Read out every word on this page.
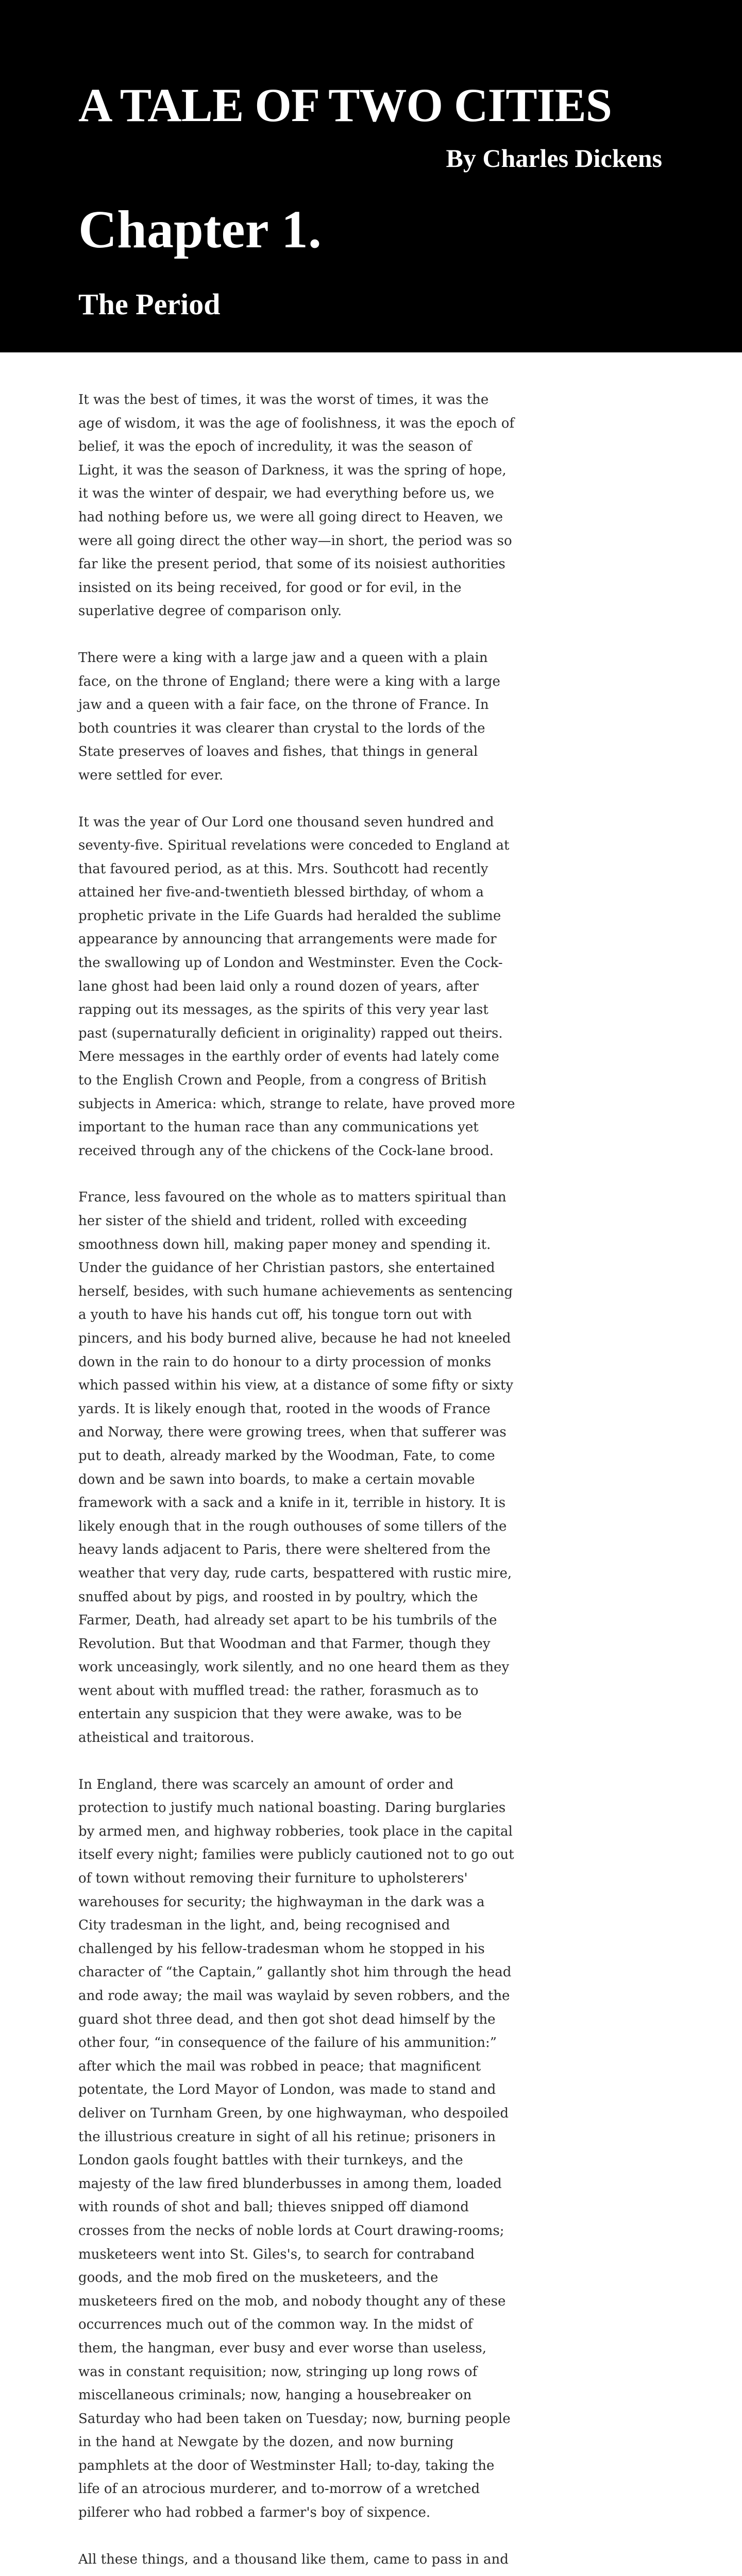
A TALE OF TWO CITIES
By Charles Dickens
Chapter 1.
The Period

It was the best of times, it was the worst of times, it was the age of wisdom, it was the age of foolishness, it was the epoch of belief, it was the epoch of incredulity, it was the season of Light, it was the season of Darkness, it was the spring of hope, it was the winter of despair, we had everything before us, we had nothing before us, we were all going direct to Heaven, we were all going direct the other way—in short, the period was so far like the present period, that some of its noisiest authorities insisted on its being received, for good or for evil, in the superlative degree of comparison only.

There were a king with a large jaw and a queen with a plain face, on the throne of England; there were a king with a large jaw and a queen with a fair face, on the throne of France. In both countries it was clearer than crystal to the lords of the State preserves of loaves and fishes, that things in general were settled for ever.

It was the year of Our Lord one thousand seven hundred and seventy-five. Spiritual revelations were conceded to England at that favoured period, as at this. Mrs. Southcott had recently attained her five-and-twentieth blessed birthday, of whom a prophetic private in the Life Guards had heralded the sublime appearance by announcing that arrangements were made for the swallowing up of London and Westminster. Even the Cock-lane ghost had been laid only a round dozen of years, after rapping out its messages, as the spirits of this very year last past (supernaturally deficient in originality) rapped out theirs. Mere messages in the earthly order of events had lately come to the English Crown and People, from a congress of British subjects in America: which, strange to relate, have proved more important to the human race than any communications yet received through any of the chickens of the Cock-lane brood.

France, less favoured on the whole as to matters spiritual than her sister of the shield and trident, rolled with exceeding smoothness down hill, making paper money and spending it. Under the guidance of her Christian pastors, she entertained herself, besides, with such humane achievements as sentencing a youth to have his hands cut off, his tongue torn out with pincers, and his body burned alive, because he had not kneeled down in the rain to do honour to a dirty procession of monks which passed within his view, at a distance of some fifty or sixty yards. It is likely enough that, rooted in the woods of France and Norway, there were growing trees, when that sufferer was put to death, already marked by the Woodman, Fate, to come down and be sawn into boards, to make a certain movable framework with a sack and a knife in it, terrible in history. It is likely enough that in the rough outhouses of some tillers of the heavy lands adjacent to Paris, there were sheltered from the weather that very day, rude carts, bespattered with rustic mire, snuffed about by pigs, and roosted in by poultry, which the Farmer, Death, had already set apart to be his tumbrils of the Revolution. But that Woodman and that Farmer, though they work unceasingly, work silently, and no one heard them as they went about with muffled tread: the rather, forasmuch as to entertain any suspicion that they were awake, was to be atheistical and traitorous.

In England, there was scarcely an amount of order and protection to justify much national boasting. Daring burglaries by armed men, and highway robberies, took place in the capital itself every night; families were publicly cautioned not to go out of town without removing their furniture to upholsterers' warehouses for security; the highwayman in the dark was a City tradesman in the light, and, being recognised and challenged by his fellow-tradesman whom he stopped in his character of “the Captain,” gallantly shot him through the head and rode away; the mail was waylaid by seven robbers, and the guard shot three dead, and then got shot dead himself by the other four, “in consequence of the failure of his ammunition:” after which the mail was robbed in peace; that magnificent potentate, the Lord Mayor of London, was made to stand and deliver on Turnham Green, by one highwayman, who despoiled the illustrious creature in sight of all his retinue; prisoners in London gaols fought battles with their turnkeys, and the majesty of the law fired blunderbusses in among them, loaded with rounds of shot and ball; thieves snipped off diamond crosses from the necks of noble lords at Court drawing-rooms; musketeers went into St. Giles's, to search for contraband goods, and the mob fired on the musketeers, and the musketeers fired on the mob, and nobody thought any of these occurrences much out of the common way. In the midst of them, the hangman, ever busy and ever worse than useless, was in constant requisition; now, stringing up long rows of miscellaneous criminals; now, hanging a housebreaker on Saturday who had been taken on Tuesday; now, burning people in the hand at Newgate by the dozen, and now burning pamphlets at the door of Westminster Hall; to-day, taking the life of an atrocious murderer, and to-morrow of a wretched pilferer who had robbed a farmer's boy of sixpence.

All these things, and a thousand like them, came to pass in and
